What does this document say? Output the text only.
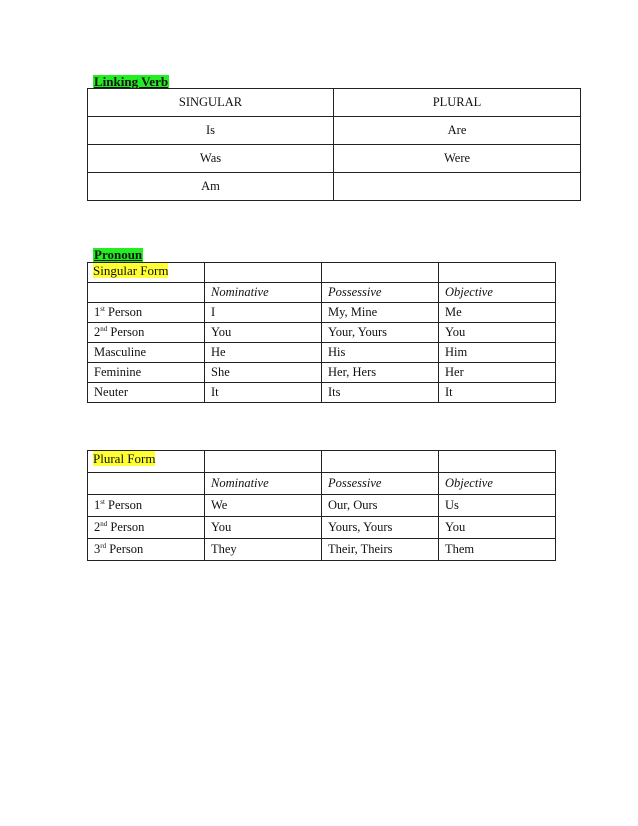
Linking Verb
SINGULAR	PLURAL
Is	Are
Was	Were
Am	
Pronoun
Singular Form			
	Nominative	Possessive	Objective
1st Person	I	My, Mine	Me
2nd Person	You	Your, Yours	You
Masculine	He	His	Him
Feminine	She	Her, Hers	Her
Neuter	It	Its	It
Plural Form			
	Nominative	Possessive	Objective
1st Person	We	Our, Ours	Us
2nd Person	You	Yours, Yours	You
3rd Person	They	Their, Theirs	Them
